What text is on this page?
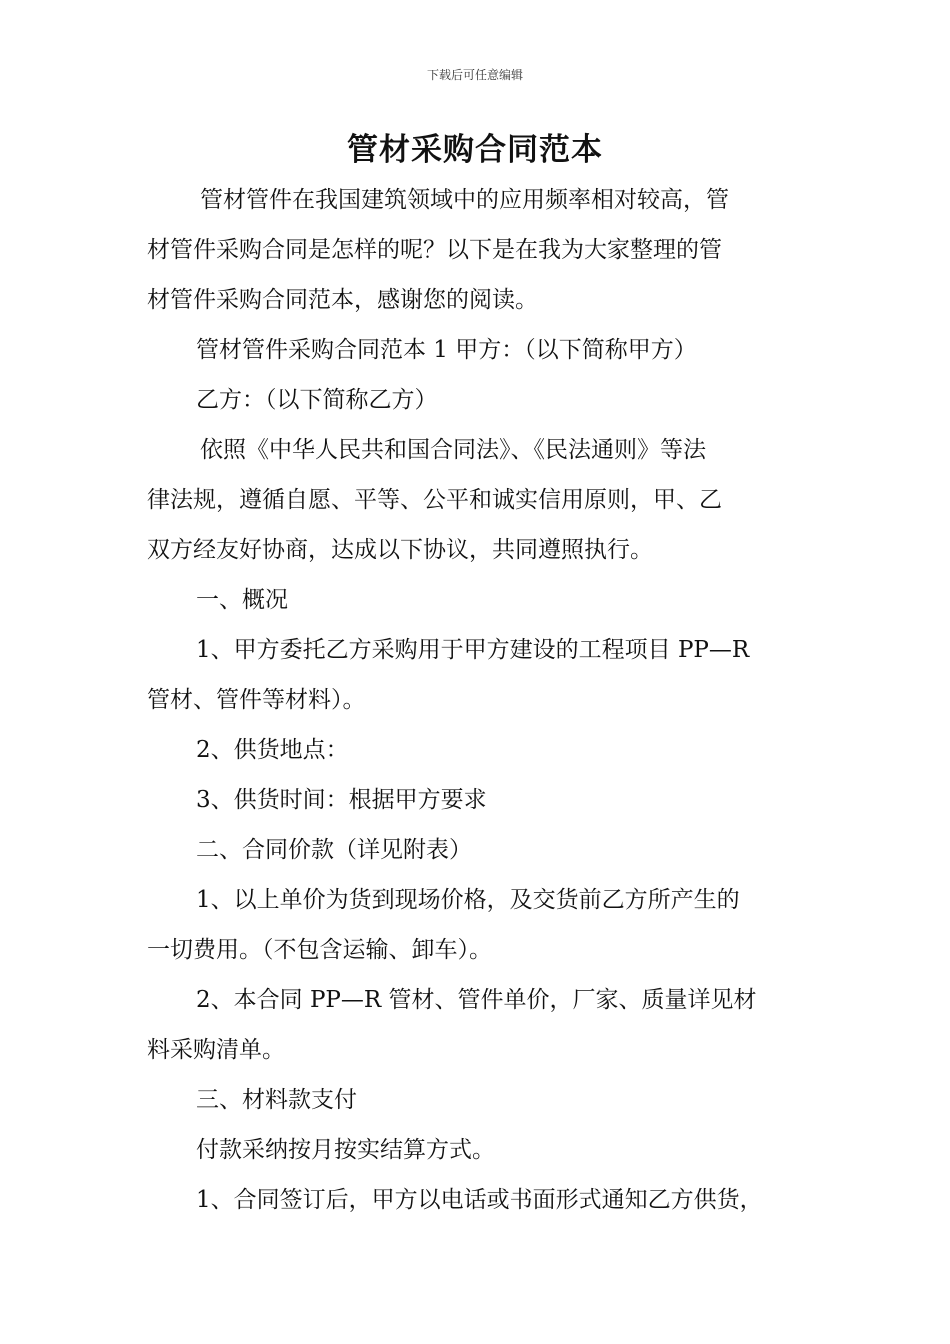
下载后可任意编辑
管材采购合同范本

管材管件在我国建筑领域中的应用频率相对较高，管

材管件采购合同是怎样的呢？以下是在我为大家整理的管

材管件采购合同范本，感谢您的阅读。

管材管件采购合同范本 1 甲方：（以下简称甲方）

乙方：（以下简称乙方）

依照《中华人民共和国合同法》、《民法通则》等法

律法规，遵循自愿、平等、公平和诚实信用原则，甲、乙

双方经友好协商，达成以下协议，共同遵照执行。

一、概况

1、甲方委托乙方采购用于甲方建设的工程项目 PP—R

管材、管件等材料）。

2、供货地点：

3、供货时间：根据甲方要求

二、合同价款（详见附表）

1、以上单价为货到现场价格，及交货前乙方所产生的

一切费用。（不包含运输、卸车）。

2、本合同 PP—R 管材、管件单价，厂家、质量详见材

料采购清单。

三、材料款支付

付款采纳按月按实结算方式。

1、合同签订后，甲方以电话或书面形式通知乙方供货，
